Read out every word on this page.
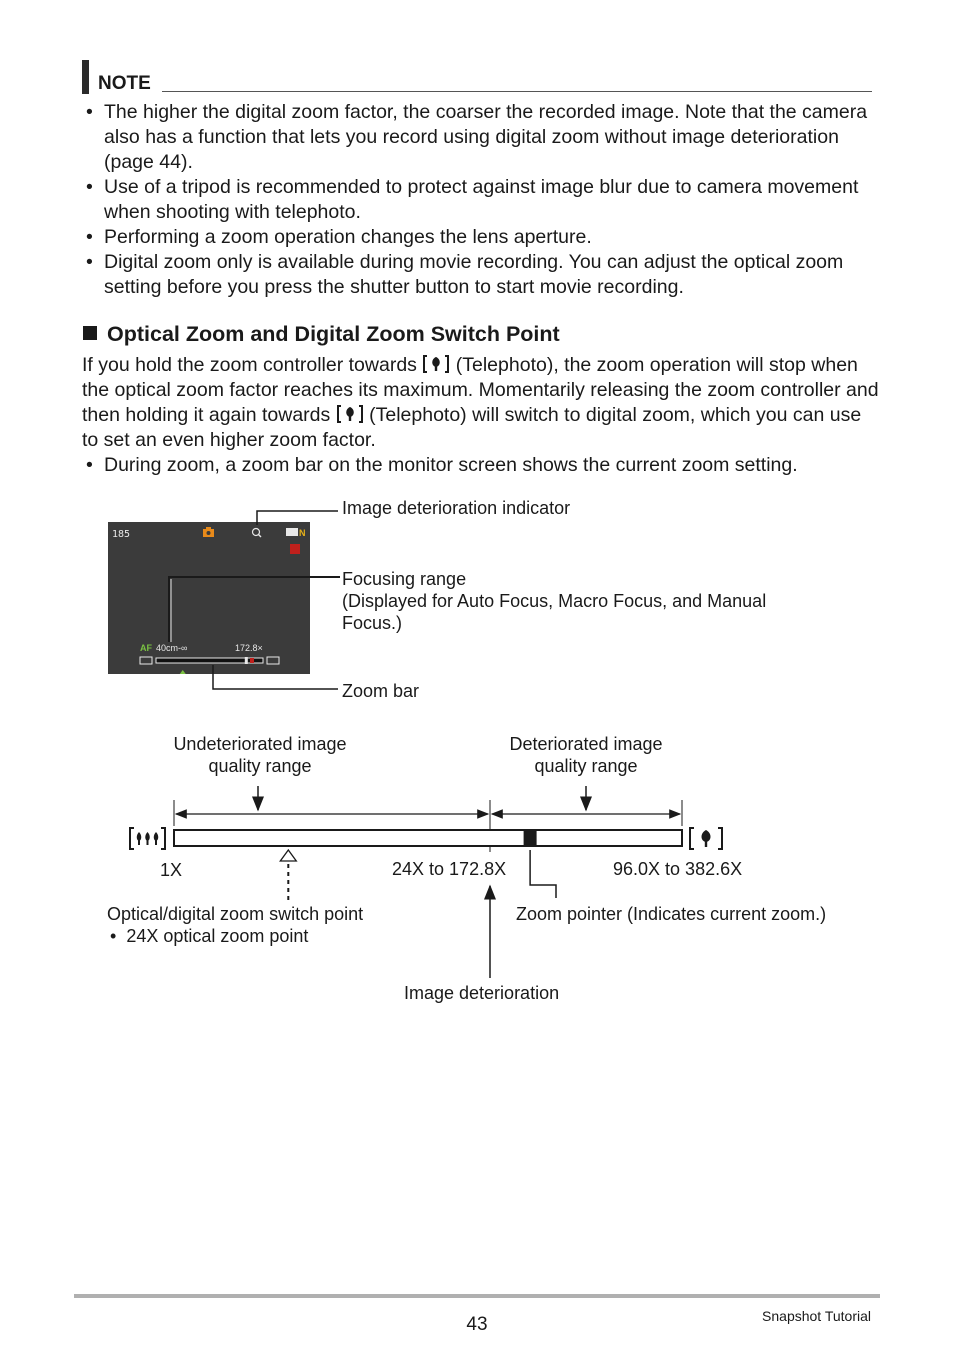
NOTE
• The higher the digital zoom factor, the coarser the recorded image. Note that the camera also has a function that lets you record using digital zoom without image deterioration (page 44).
• Use of a tripod is recommended to protect against image blur due to camera movement when shooting with telephoto.
• Performing a zoom operation changes the lens aperture.
• Digital zoom only is available during movie recording. You can adjust the optical zoom setting before you press the shutter button to start movie recording.
Optical Zoom and Digital Zoom Switch Point

If you hold the zoom controller towards (Telephoto), the zoom operation will stop when the optical zoom factor reaches its maximum. Momentarily releasing the zoom controller and then holding it again towards (Telephoto) will switch to digital zoom, which you can use to set an even higher zoom factor.

• During zoom, a zoom bar on the monitor screen shows the current zoom setting.
185	N
AF 40cm-∞	172.8×
Image deterioration indicator
Focusing range
(Displayed for Auto Focus, Macro Focus, and Manual
Focus.)
Zoom bar
Undeteriorated image
quality range
Deteriorated image
quality range
1X	24X to 172.8X	96.0X to 382.6X
Optical/digital zoom switch point
•  24X optical zoom point
Zoom pointer (Indicates current zoom.)
Image deterioration
43	Snapshot Tutorial
